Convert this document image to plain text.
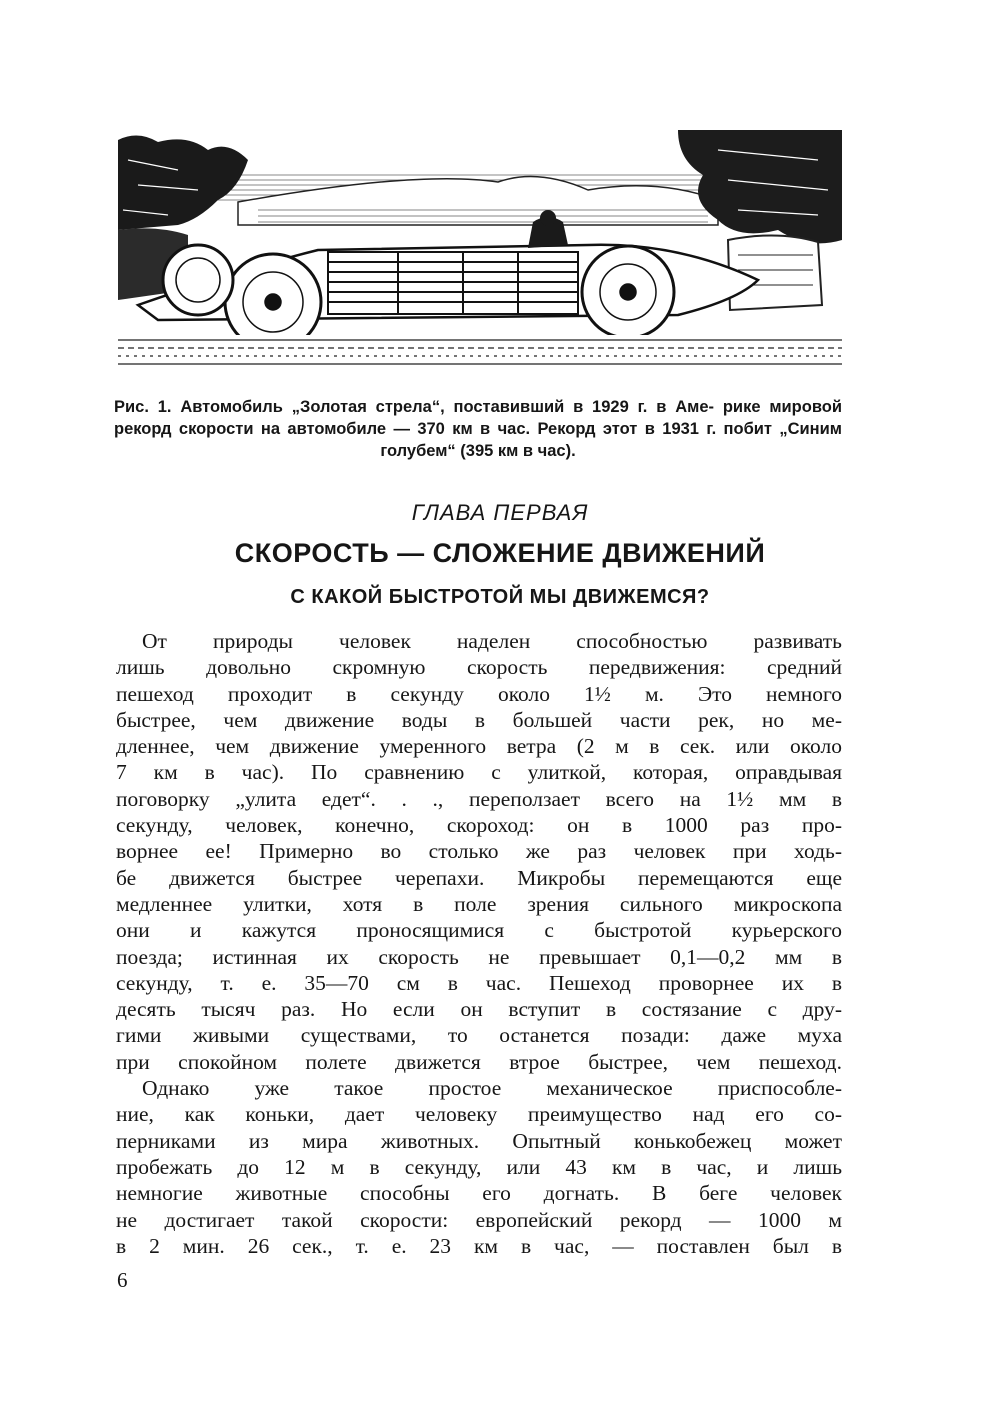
Рис. 1. Автомобиль „Золотая стрела“, поставивший в 1929 г. в Аме- рике мировой рекорд скорости на автомобиле — 370 км в час. Рекорд этот в 1931 г. побит „Синим голубем“ (395 км в час).
ГЛАВА ПЕРВАЯ
СКОРОСТЬ — СЛОЖЕНИЕ ДВИЖЕНИЙ
С КАКОЙ БЫСТРОТОЙ МЫ ДВИЖЕМСЯ?
От природы человек наделен способностью развивать
лишь довольно скромную скорость передвижения: средний
пешеход проходит в секунду около 1½ м. Это немного
быстрее, чем движение воды в большей части рек, но ме-
дленнее, чем движение умеренного ветра (2 м в сек. или около
7 км в час). По сравнению с улиткой, которая, оправдывая
поговорку „улита едет“. . ., переползает всего на 1½ мм в
секунду, человек, конечно, скороход: он в 1000 раз про-
ворнее ее! Примерно во столько же раз человек при ходь-
бе движется быстрее черепахи. Микробы перемещаются еще
медленнее улитки, хотя в поле зрения сильного микроскопа
они и кажутся проносящимися с быстротой курьерского
поезда; истинная их скорость не превышает 0,1—0,2 мм в
секунду, т. е. 35—70 см в час. Пешеход проворнее их в
десять тысяч раз. Но если он вступит в состязание с дру-
гими живыми существами, то останется позади: даже муха
при спокойном полете движется втрое быстрее, чем пешеход.
Однако уже такое простое механическое приспособле-
ние, как коньки, дает человеку преимущество над его со-
перниками из мира животных. Опытный конькобежец может
пробежать до 12 м в секунду, или 43 км в час, и лишь
немногие животные способны его догнать. В беге человек
не достигает такой скорости: европейский рекорд — 1000 м
в 2 мин. 26 сек., т. е. 23 км в час, — поставлен был в
6
